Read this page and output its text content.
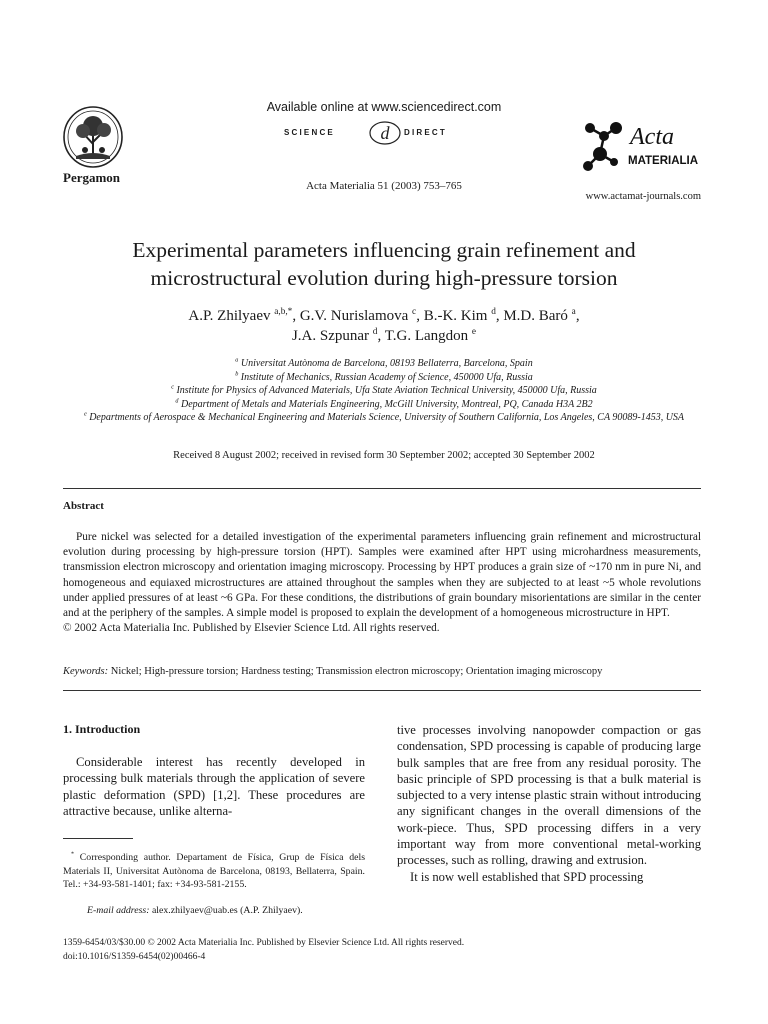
Pergamon
Available online at www.sciencedirect.com
SCIENCE	d DIRECT
Acta Materialia 51 (2003) 753–765
Acta
MATERIALIA
www.actamat-journals.com
Experimental parameters influencing grain refinement and
microstructural evolution during high-pressure torsion
A.P. Zhilyaev $^{a,b,*}$, G.V. Nurislamova $^c$, B.-K. Kim $^d$, M.D. Baró $^a$,
J.A. Szpunar $^d$, T.G. Langdon $^e$
$^a$ Universitat Autònoma de Barcelona, 08193 Bellaterra, Barcelona, Spain
$^b$ Institute of Mechanics, Russian Academy of Science, 450000 Ufa, Russia
$^c$ Institute for Physics of Advanced Materials, Ufa State Aviation Technical University, 450000 Ufa, Russia
$^d$ Department of Metals and Materials Engineering, McGill University, Montreal, PQ, Canada H3A 2B2
$^e$ Departments of Aerospace & Mechanical Engineering and Materials Science, University of Southern California, Los Angeles, CA 90089-1453, USA
Received 8 August 2002; received in revised form 30 September 2002; accepted 30 September 2002
Abstract
Pure nickel was selected for a detailed investigation of the experimental parameters influencing grain refinement and microstructural evolution during processing by high-pressure torsion (HPT). Samples were examined after HPT using microhardness measurements, transmission electron microscopy and orientation imaging microscopy. Processing by HPT produces a grain size of ~170 nm in pure Ni, and homogeneous and equiaxed microstructures are attained throughout the samples when they are subjected to at least ~5 whole revolutions under applied pressures of at least ~6 GPa. For these conditions, the distributions of grain boundary misorientations are similar in the center and at the periphery of the samples. A simple model is proposed to explain the development of a homogeneous microstructure in HPT.
© 2002 Acta Materialia Inc. Published by Elsevier Science Ltd. All rights reserved.
Keywords: Nickel; High-pressure torsion; Hardness testing; Transmission electron microscopy; Orientation imaging microscopy
1. Introduction
Considerable interest has recently developed in processing bulk materials through the application of severe plastic deformation (SPD) [1,2]. These procedures are attractive because, unlike alterna-

tive processes involving nanopowder compaction or gas condensation, SPD processing is capable of producing large bulk samples that are free from any residual porosity. The basic principle of SPD processing is that a bulk material is subjected to a very intense plastic strain without introducing any significant changes in the overall dimensions of the work-piece. Thus, SPD processing differs in a very important way from more conventional metal-working processes, such as rolling, drawing and extrusion.

It is now well established that SPD processing

* Corresponding author. Departament de Física, Grup de Física dels Materials II, Universitat Autònoma de Barcelona, 08193, Bellaterra, Spain. Tel.: +34-93-581-1401; fax: +34-93-581-2155.
E-mail address: alex.zhilyaev@uab.es (A.P. Zhilyaev).
1359-6454/03/$30.00 © 2002 Acta Materialia Inc. Published by Elsevier Science Ltd. All rights reserved.
doi:10.1016/S1359-6454(02)00466-4
